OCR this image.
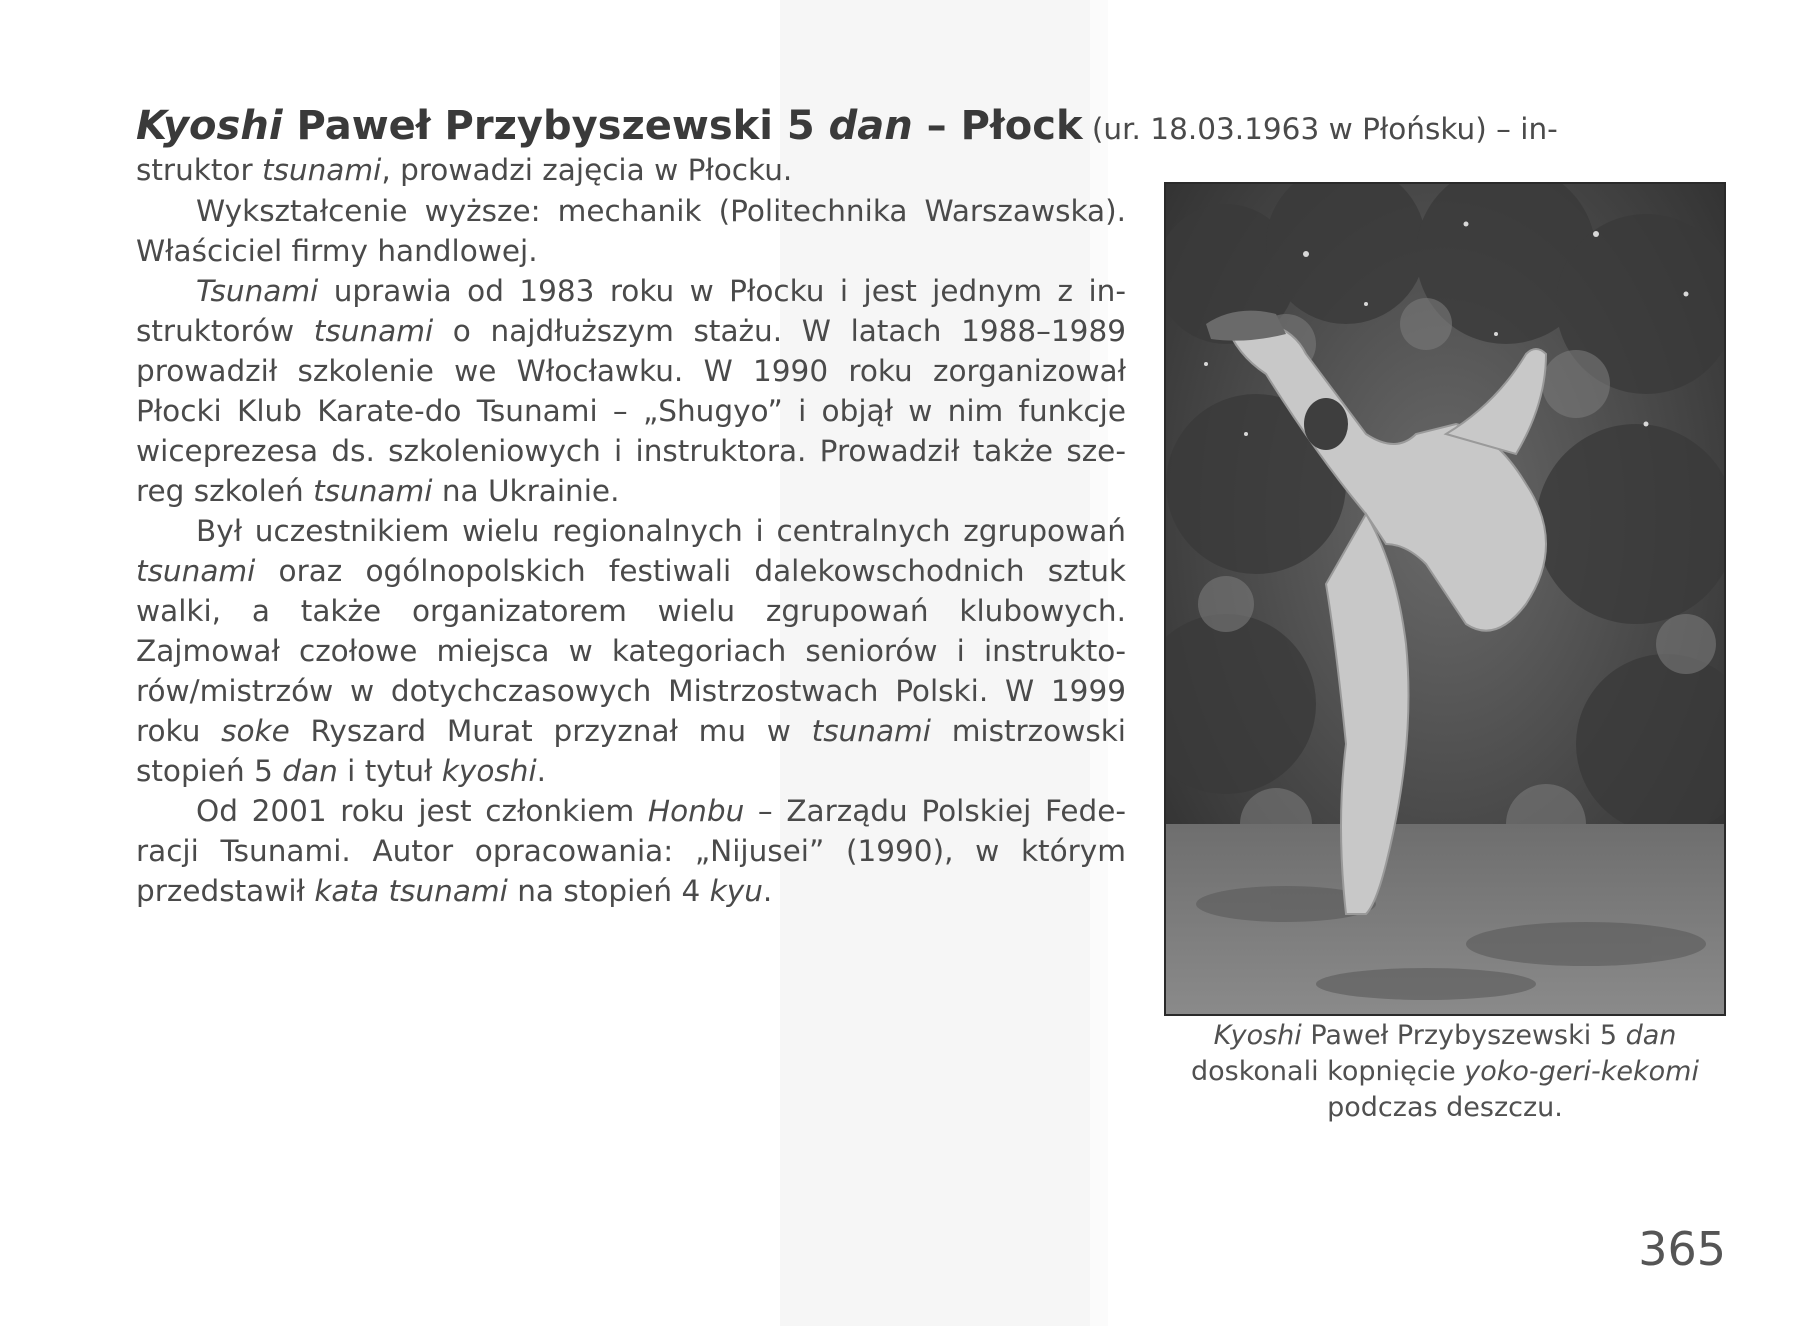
Kyoshi Paweł Przybyszewski 5 dan – Płock (ur. 18.03.1963 w Płońsku) – in-
struktor tsunami, prowadzi zajęcia w Płocku.

Wykształcenie wyższe: mechanik (Politechnika Warszawska). Właściciel firmy handlowej.

Tsunami uprawia od 1983 roku w Płocku i jest jednym z instruktorów tsunami o najdłuższym stażu. W latach 1988–1989 prowadził szkolenie we Włocławku. W 1990 roku zorganizował Płocki Klub Karate-do Tsunami – „Shugyo” i objął w nim funkcje wiceprezesa ds. szkoleniowych i instruktora. Prowadził także szereg szkoleń tsunami na Ukrainie.

Był uczestnikiem wielu regionalnych i centralnych zgrupowań tsunami oraz ogólnopolskich festiwali dalekowschodnich sztuk walki, a także organizatorem wielu zgrupowań klubowych. Zajmował czołowe miejsca w kategoriach seniorów i instruktorów/mistrzów w dotychczasowych Mistrzostwach Polski. W 1999 roku soke Ryszard Murat przyznał mu w tsunami mistrzowski stopień 5 dan i tytuł kyoshi.

Od 2001 roku jest członkiem Honbu – Zarządu Polskiej Federacji Tsunami. Autor opracowania: „Nijusei” (1990), w którym przedstawił kata tsunami na stopień 4 kyu.

Kyoshi Paweł Przybyszewski 5 dan
doskonali kopnięcie yoko-geri-kekomi
podczas deszczu.
365
